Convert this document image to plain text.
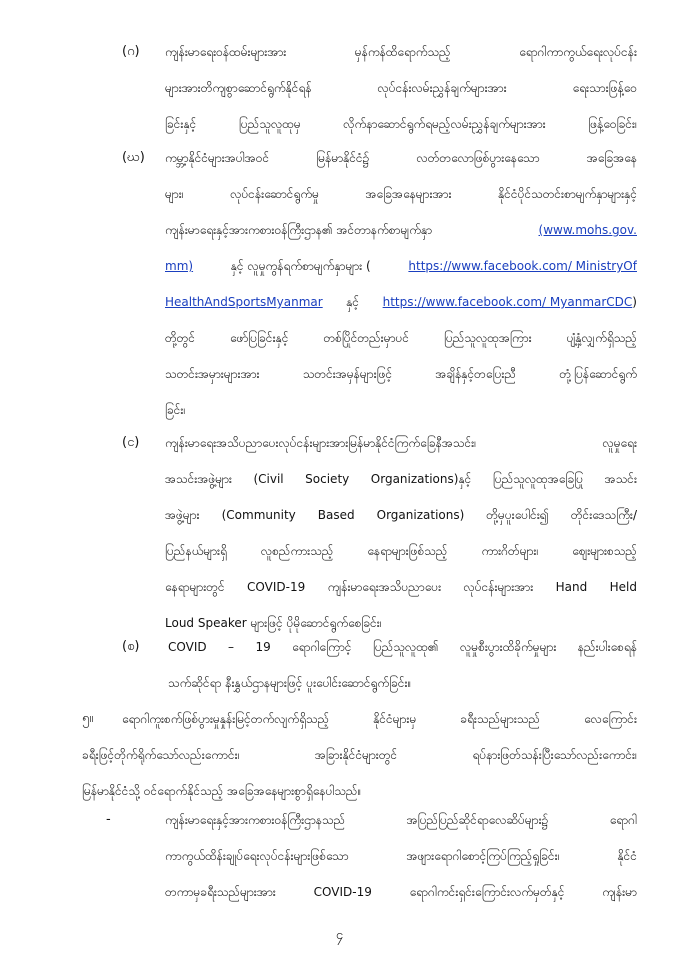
(ဂ) ကျန်းမာရေးဝန်ထမ်းများအား မှန်ကန်ထိရောက်သည့် ရောဂါကာကွယ်ရေးလုပ်ငန်း
များအားတိကျစွာဆောင်ရွက်နိုင်ရန် လုပ်ငန်းလမ်းညွှန်ချက်များအား ရေးသားဖြန့်ဝေ
ခြင်းနှင့် ပြည်သူလူထုမှ လိုက်နာဆောင်ရွက်ရမည့်လမ်းညွှန်ချက်များအား ဖြန့်ဝေခြင်း၊
(ဃ) ကမ္ဘာ့နိုင်ငံများအပါအဝင် မြန်မာနိုင်ငံ၌ လတ်တလောဖြစ်ပွားနေသော အခြေအနေ
များ၊ လုပ်ငန်းဆောင်ရွက်မှု အခြေအနေများအား နိုင်ငံပိုင်သတင်းစာမျက်နှာများနှင့်
ကျန်းမာရေးနှင့်အားကစားဝန်ကြီးဌာန၏ အင်တာနက်စာမျက်နှာ	(www.mohs.gov.
mm)	နှင့် လူမှုကွန်ရက်စာမျက်နှာများ (	https://www.facebook.com/ MinistryOf
HealthAndSportsMyanmar နှင့် https://www.facebook.com/ MyanmarCDC )
တို့တွင် ဖော်ပြခြင်းနှင့် တစ်ပြိုင်တည်းမှာပင် ပြည်သူလူထုအကြား ပျံ့နှံ့လျှက်ရှိသည့်
သတင်းအမှားများအား သတင်းအမှန်များဖြင့် အချိန်နှင့်တပြေးညီ တုံ့ပြန်ဆောင်ရွက်
ခြင်း၊
(င) ကျန်းမာရေးအသိပညာပေးလုပ်ငန်းများအားမြန်မာနိုင်ငံကြက်ခြေနီအသင်း၊ လူမှုရေး
အသင်းအဖွဲ့များ (Civil Society Organizations)နှင့် ပြည်သူလူထုအခြေပြု အသင်း
အဖွဲ့များ (Community Based Organizations) တို့မှပူးပေါင်း၍ တိုင်းဒေသကြီး/
ပြည်နယ်များရှိ လူစည်ကားသည့် နေရာများဖြစ်သည့် ကားဂိတ်များ၊ ဈေးများစသည့်
နေရာများတွင် COVID-19 ကျန်းမာရေးအသိပညာပေး လုပ်ငန်းများအား Hand Held
Loud Speaker များဖြင့် ပိုမိုဆောင်ရွက်စေခြင်း၊
(စ) COVID – 19 ရောဂါကြောင့် ပြည်သူလူထု၏ လူမှုစီးပွားထိခိုက်မှုများ နည်းပါးစေရန်
သက်ဆိုင်ရာ နီးနွှယ်ဌာနများဖြင့် ပူးပေါင်းဆောင်ရွက်ခြင်း။
၅။ ရောဂါကူးစက်ဖြစ်ပွားမှုနှုန်းမြင့်တက်လျက်ရှိသည့် နိုင်ငံများမှ ခရီးသည်များသည် လေကြောင်း
ခရီးဖြင့်တိုက်ရိုက်သော်လည်းကောင်း၊ အခြားနိုင်ငံများတွင် ရပ်နားဖြတ်သန်းပြီးသော်လည်းကောင်း၊
မြန်မာနိုင်ငံသို့ ဝင်ရောက်နိုင်သည့် အခြေအနေများစွာရှိနေပါသည်။
-	ကျန်းမာရေးနှင့်အားကစားဝန်ကြီးဌာနသည် အပြည်ပြည်ဆိုင်ရာလေဆိပ်များ၌ ရောဂါ
ကာကွယ်ထိန်းချုပ်ရေးလုပ်ငန်းများဖြစ်သော အဖျားရောဂါစောင့်ကြပ်ကြည့်ရှုခြင်း၊ နိုင်ငံ
တကာမှခရီးသည်များအား COVID-19 ရောဂါကင်းရှင်းကြောင်းလက်မှတ်နှင့် ကျန်းမာ
၄
